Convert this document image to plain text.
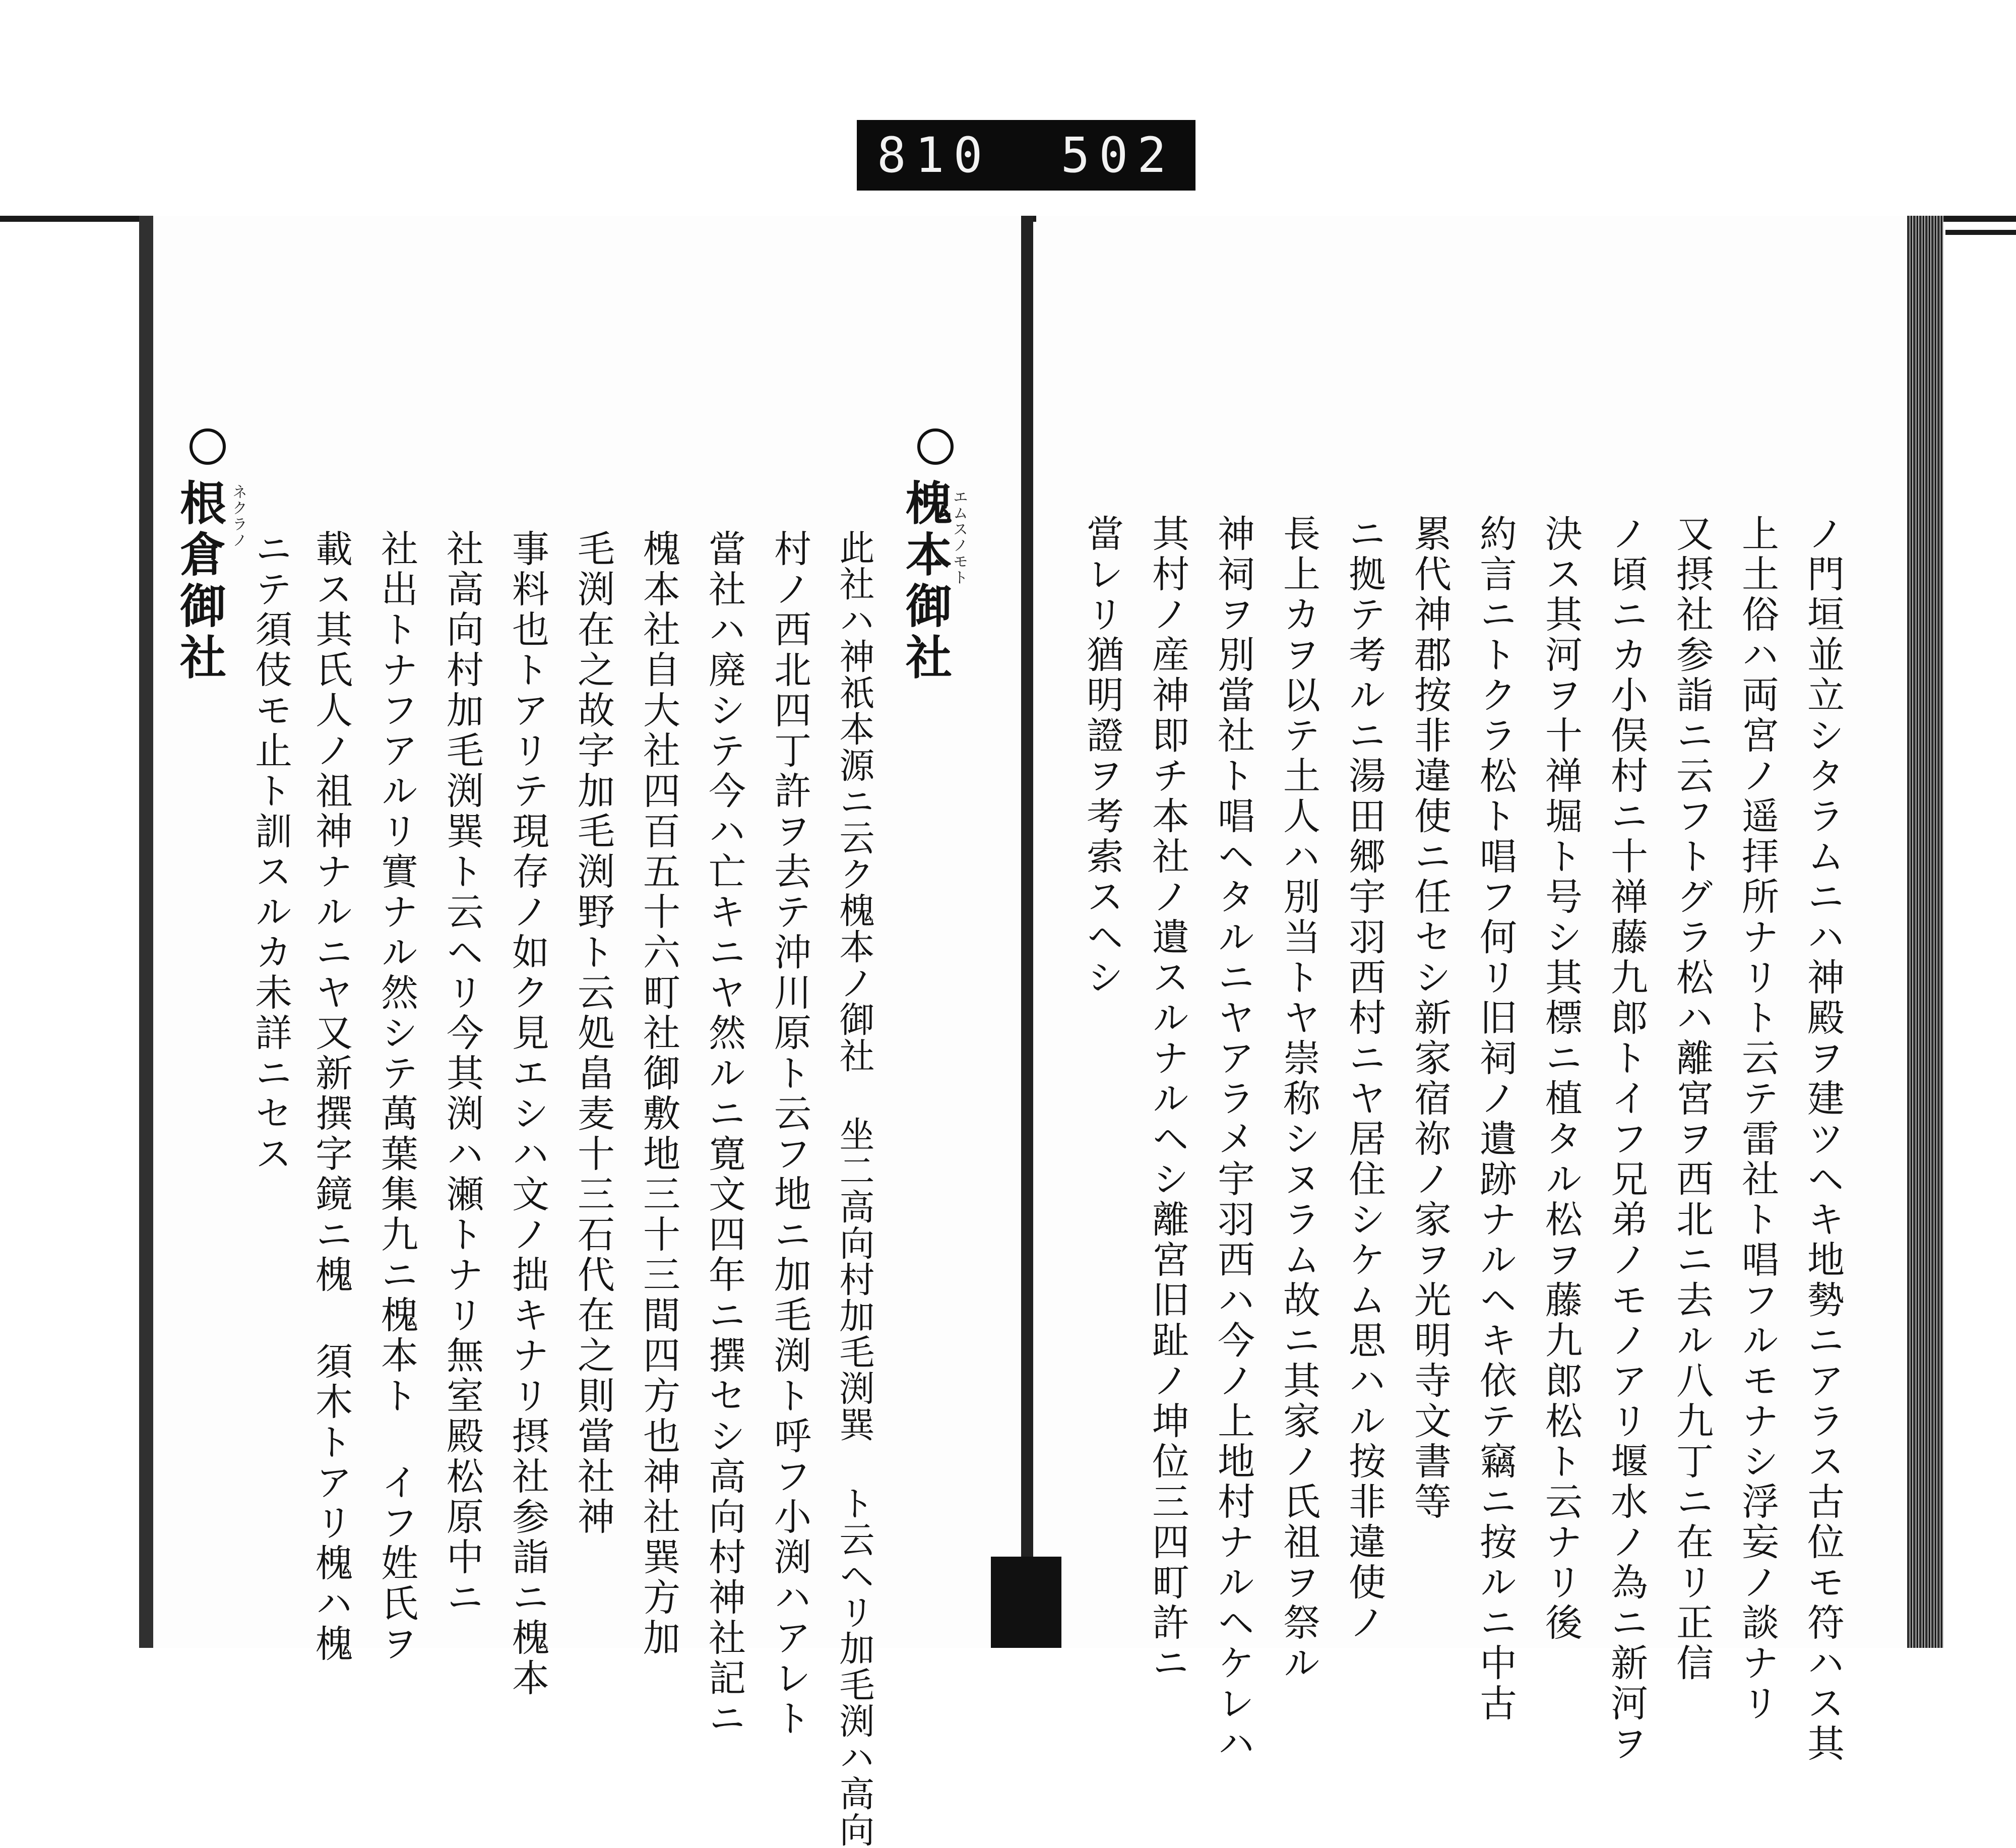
810 502
ノ門垣並立シタラムニハ神殿ヲ建ツヘキ地勢ニアラス古位モ符ハス其
上土俗ハ両宮ノ遥拝所ナリト云テ雷社ト唱フルモナシ浮妄ノ談ナリ
又摂社参詣ニ云フトグラ松ハ離宮ヲ西北ニ去ル八九丁ニ在リ正信
ノ頃ニカ小俣村ニ十禅藤九郎トイフ兄弟ノモノアリ堰水ノ為ニ新河ヲ
決ス其河ヲ十禅堀ト号シ其標ニ植タル松ヲ藤九郎松ト云ナリ後
約言ニトクラ松ト唱フ何リ旧祠ノ遺跡ナルヘキ依テ竊ニ按ルニ中古
累代神郡按非違使ニ任セシ新家宿祢ノ家ヲ光明寺文書等
ニ拠テ考ルニ湯田郷宇羽西村ニヤ居住シケム思ハル按非違使ノ
長上カヲ以テ土人ハ別当トヤ崇称シヌラム故ニ其家ノ氏祖ヲ祭ル
神祠ヲ別當社ト唱ヘタルニヤアラメ宇羽西ハ今ノ上地村ナルヘケレハ
其村ノ産神即チ本社ノ遺スルナルヘシ離宮旧趾ノ坤位三四町許ニ
當レリ猶明證ヲ考索スヘシ
エムスノモト
槐本御社
此社ハ神祇本源ニ云ク槐本ノ御社 坐二高向村加毛渕巽 ト云ヘリ加毛渕ハ高向
村ノ西北四丁許ヲ去テ沖川原ト云フ地ニ加毛渕ト呼フ小渕ハアレト
當社ハ廃シテ今ハ亡キニヤ然ルニ寛文四年ニ撰セシ高向村神社記ニ
槐本社自大社四百五十六町社御敷地三十三間四方也神社巽方加
毛渕在之故字加毛渕野ト云処畠麦十三石代在之則當社神
事料也トアリテ現存ノ如ク見エシハ文ノ拙キナリ摂社参詣ニ槐本
社高向村加毛渕巽ト云ヘリ今其渕ハ瀬トナリ無室殿松原中ニ
社出トナフアルリ實ナル然シテ萬葉集九ニ槐本ト イフ姓氏ヲ
載ス其氏人ノ祖神ナルニヤ又新撰字鏡ニ槐 須木トアリ槐ハ槐
ネクラノ
根倉御社 ニテ須伎モ止ト訓スルカ未詳ニセス
